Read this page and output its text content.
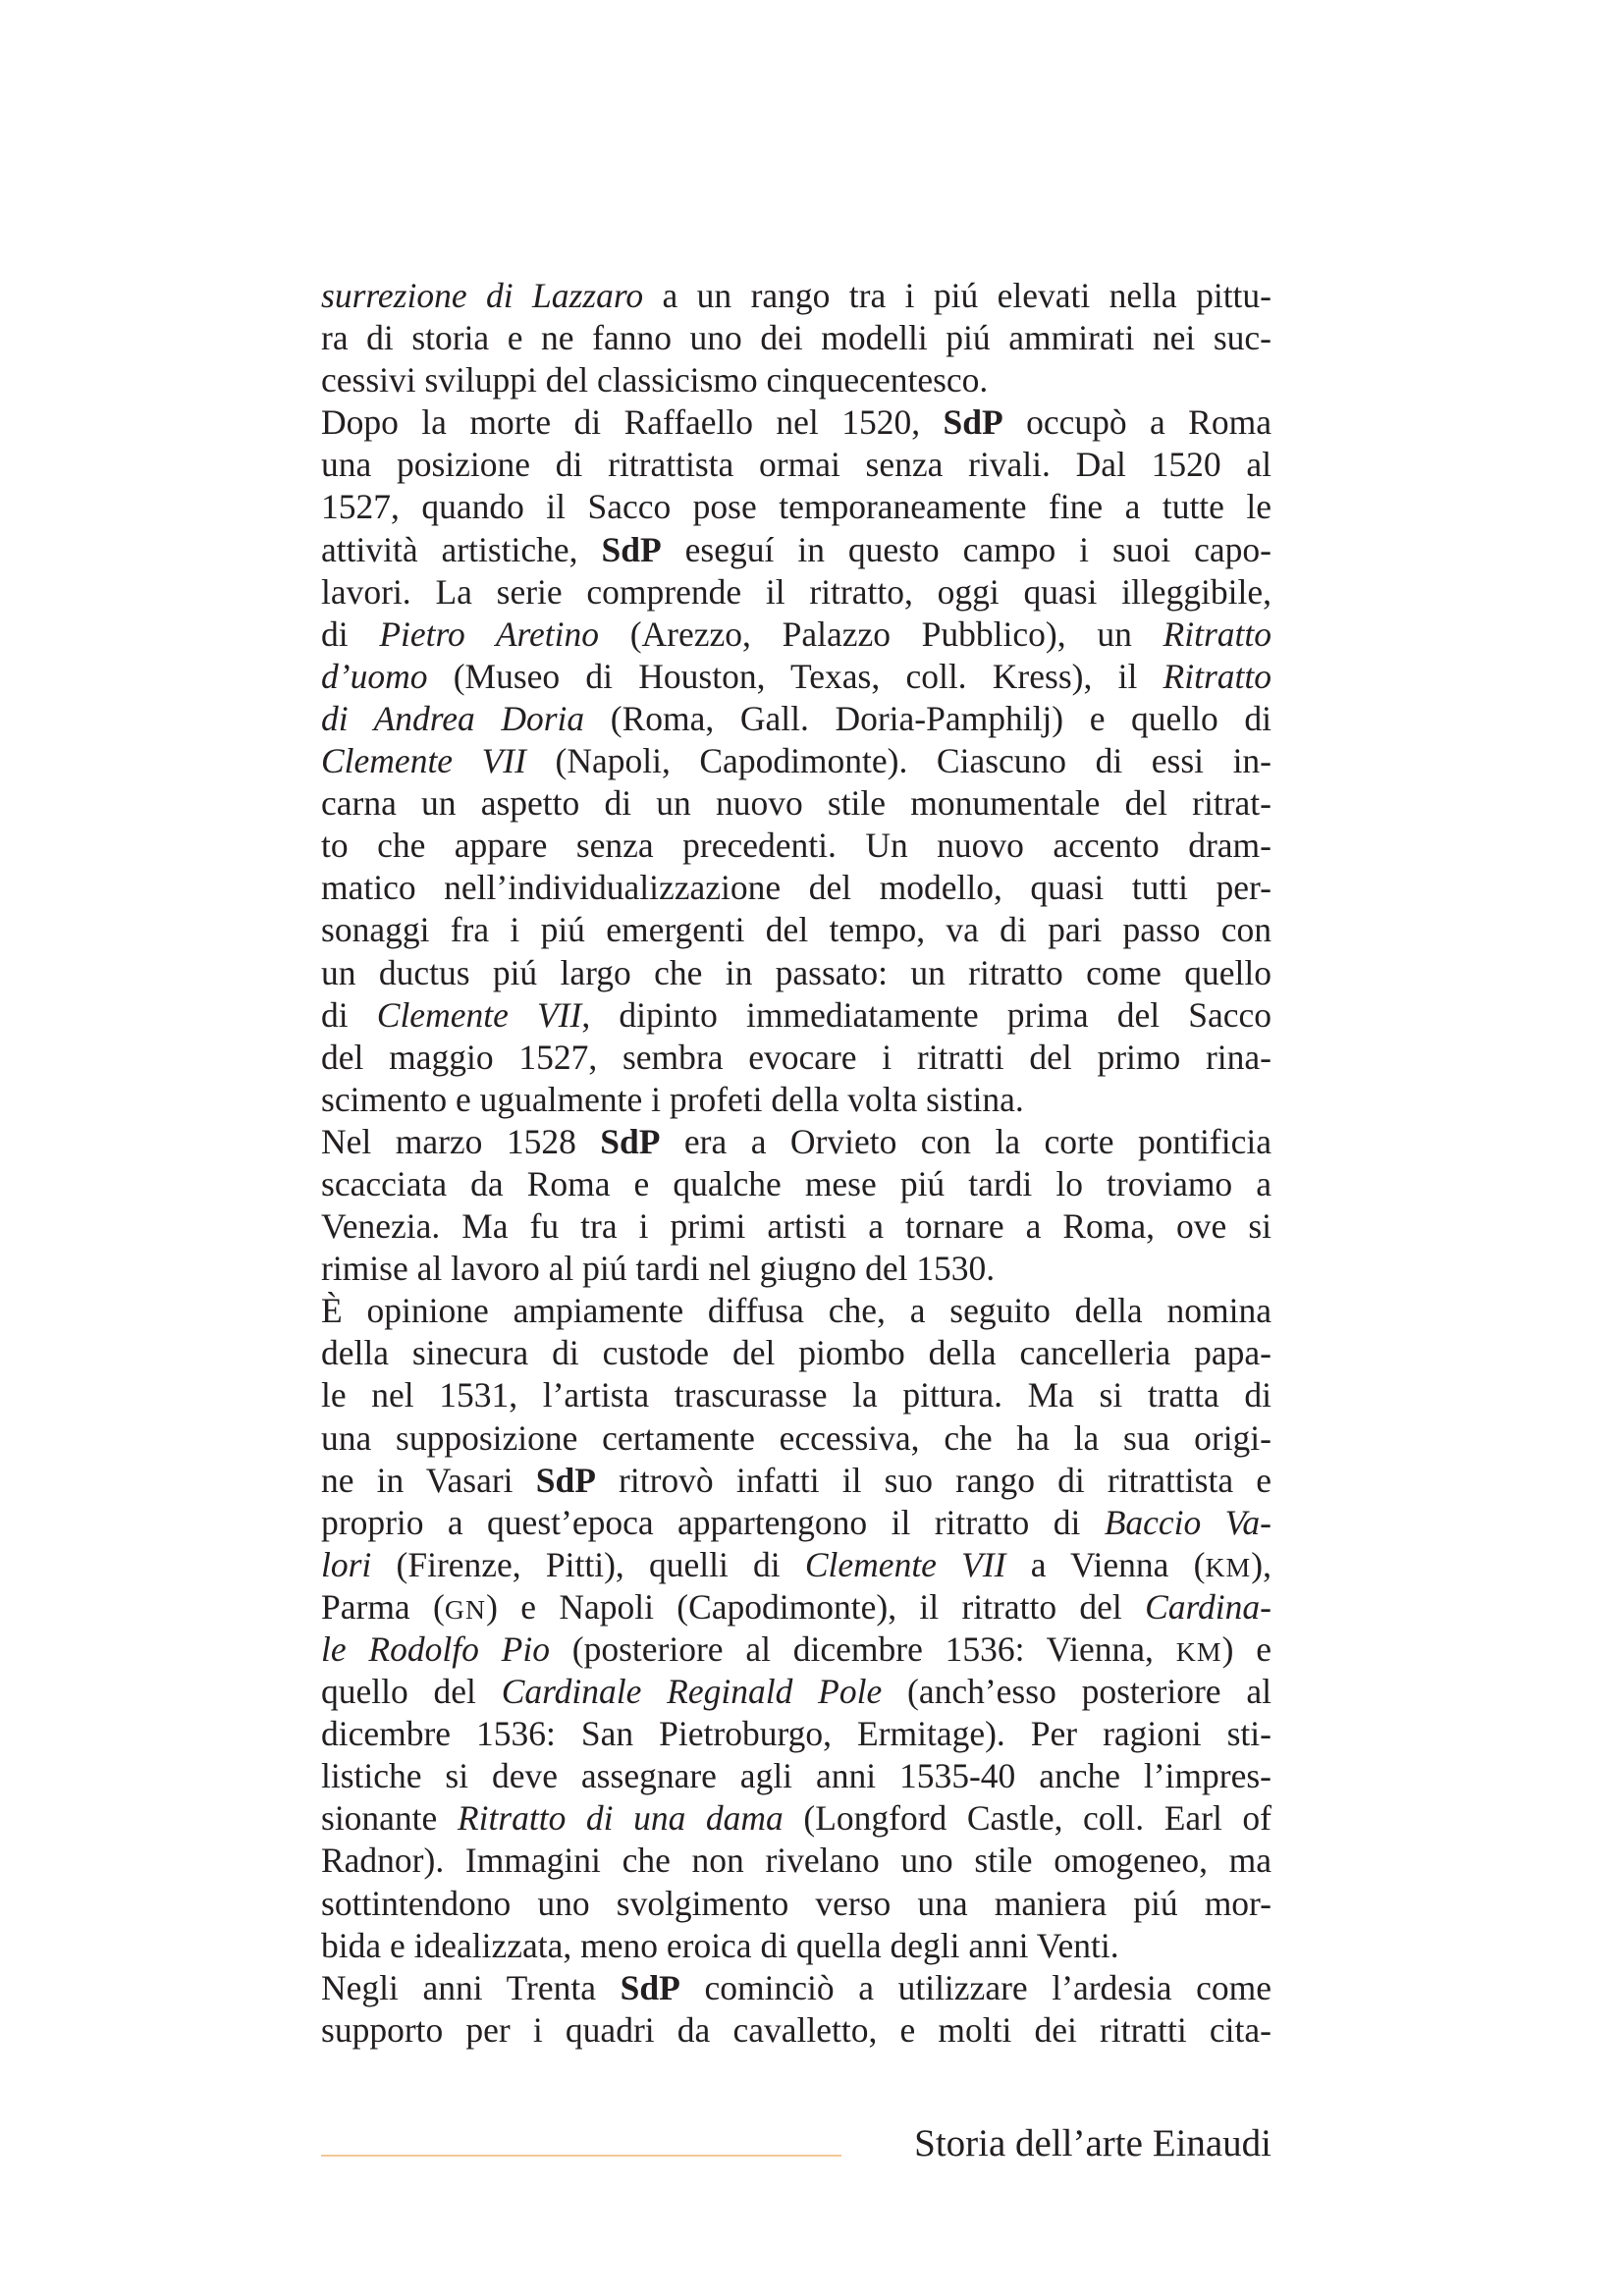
surrezione di Lazzaro a un rango tra i piú elevati nella pittu-
ra di storia e ne fanno uno dei modelli piú ammirati nei suc-
cessivi sviluppi del classicismo cinquecentesco.
Dopo la morte di Raffaello nel 1520, SdP occupò a Roma
una posizione di ritrattista ormai senza rivali. Dal 1520 al
1527, quando il Sacco pose temporaneamente fine a tutte le
attività artistiche, SdP eseguí in questo campo i suoi capo-
lavori. La serie comprende il ritratto, oggi quasi illeggibile,
di Pietro Aretino (Arezzo, Palazzo Pubblico), un Ritratto
d’uomo (Museo di Houston, Texas, coll. Kress), il Ritratto
di Andrea Doria (Roma, Gall. Doria-Pamphilj) e quello di
Clemente VII (Napoli, Capodimonte). Ciascuno di essi in-
carna un aspetto di un nuovo stile monumentale del ritrat-
to che appare senza precedenti. Un nuovo accento dram-
matico nell’individualizzazione del modello, quasi tutti per-
sonaggi fra i piú emergenti del tempo, va di pari passo con
un ductus piú largo che in passato: un ritratto come quello
di Clemente VII, dipinto immediatamente prima del Sacco
del maggio 1527, sembra evocare i ritratti del primo rina-
scimento e ugualmente i profeti della volta sistina.
Nel marzo 1528 SdP era a Orvieto con la corte pontificia
scacciata da Roma e qualche mese piú tardi lo troviamo a
Venezia. Ma fu tra i primi artisti a tornare a Roma, ove si
rimise al lavoro al piú tardi nel giugno del 1530.
È opinione ampiamente diffusa che, a seguito della nomina
della sinecura di custode del piombo della cancelleria papa-
le nel 1531, l’artista trascurasse la pittura. Ma si tratta di
una supposizione certamente eccessiva, che ha la sua origi-
ne in Vasari SdP ritrovò infatti il suo rango di ritrattista e
proprio a quest’epoca appartengono il ritratto di Baccio Va-
lori (Firenze, Pitti), quelli di Clemente VII a Vienna (KM),
Parma (GN) e Napoli (Capodimonte), il ritratto del Cardina-
le Rodolfo Pio (posteriore al dicembre 1536: Vienna, KM) e
quello del Cardinale Reginald Pole (anch’esso posteriore al
dicembre 1536: San Pietroburgo, Ermitage). Per ragioni sti-
listiche si deve assegnare agli anni 1535-40 anche l’impres-
sionante Ritratto di una dama (Longford Castle, coll. Earl of
Radnor). Immagini che non rivelano uno stile omogeneo, ma
sottintendono uno svolgimento verso una maniera piú mor-
bida e idealizzata, meno eroica di quella degli anni Venti.
Negli anni Trenta SdP cominciò a utilizzare l’ardesia come
supporto per i quadri da cavalletto, e molti dei ritratti cita-
Storia dell’arte Einaudi
